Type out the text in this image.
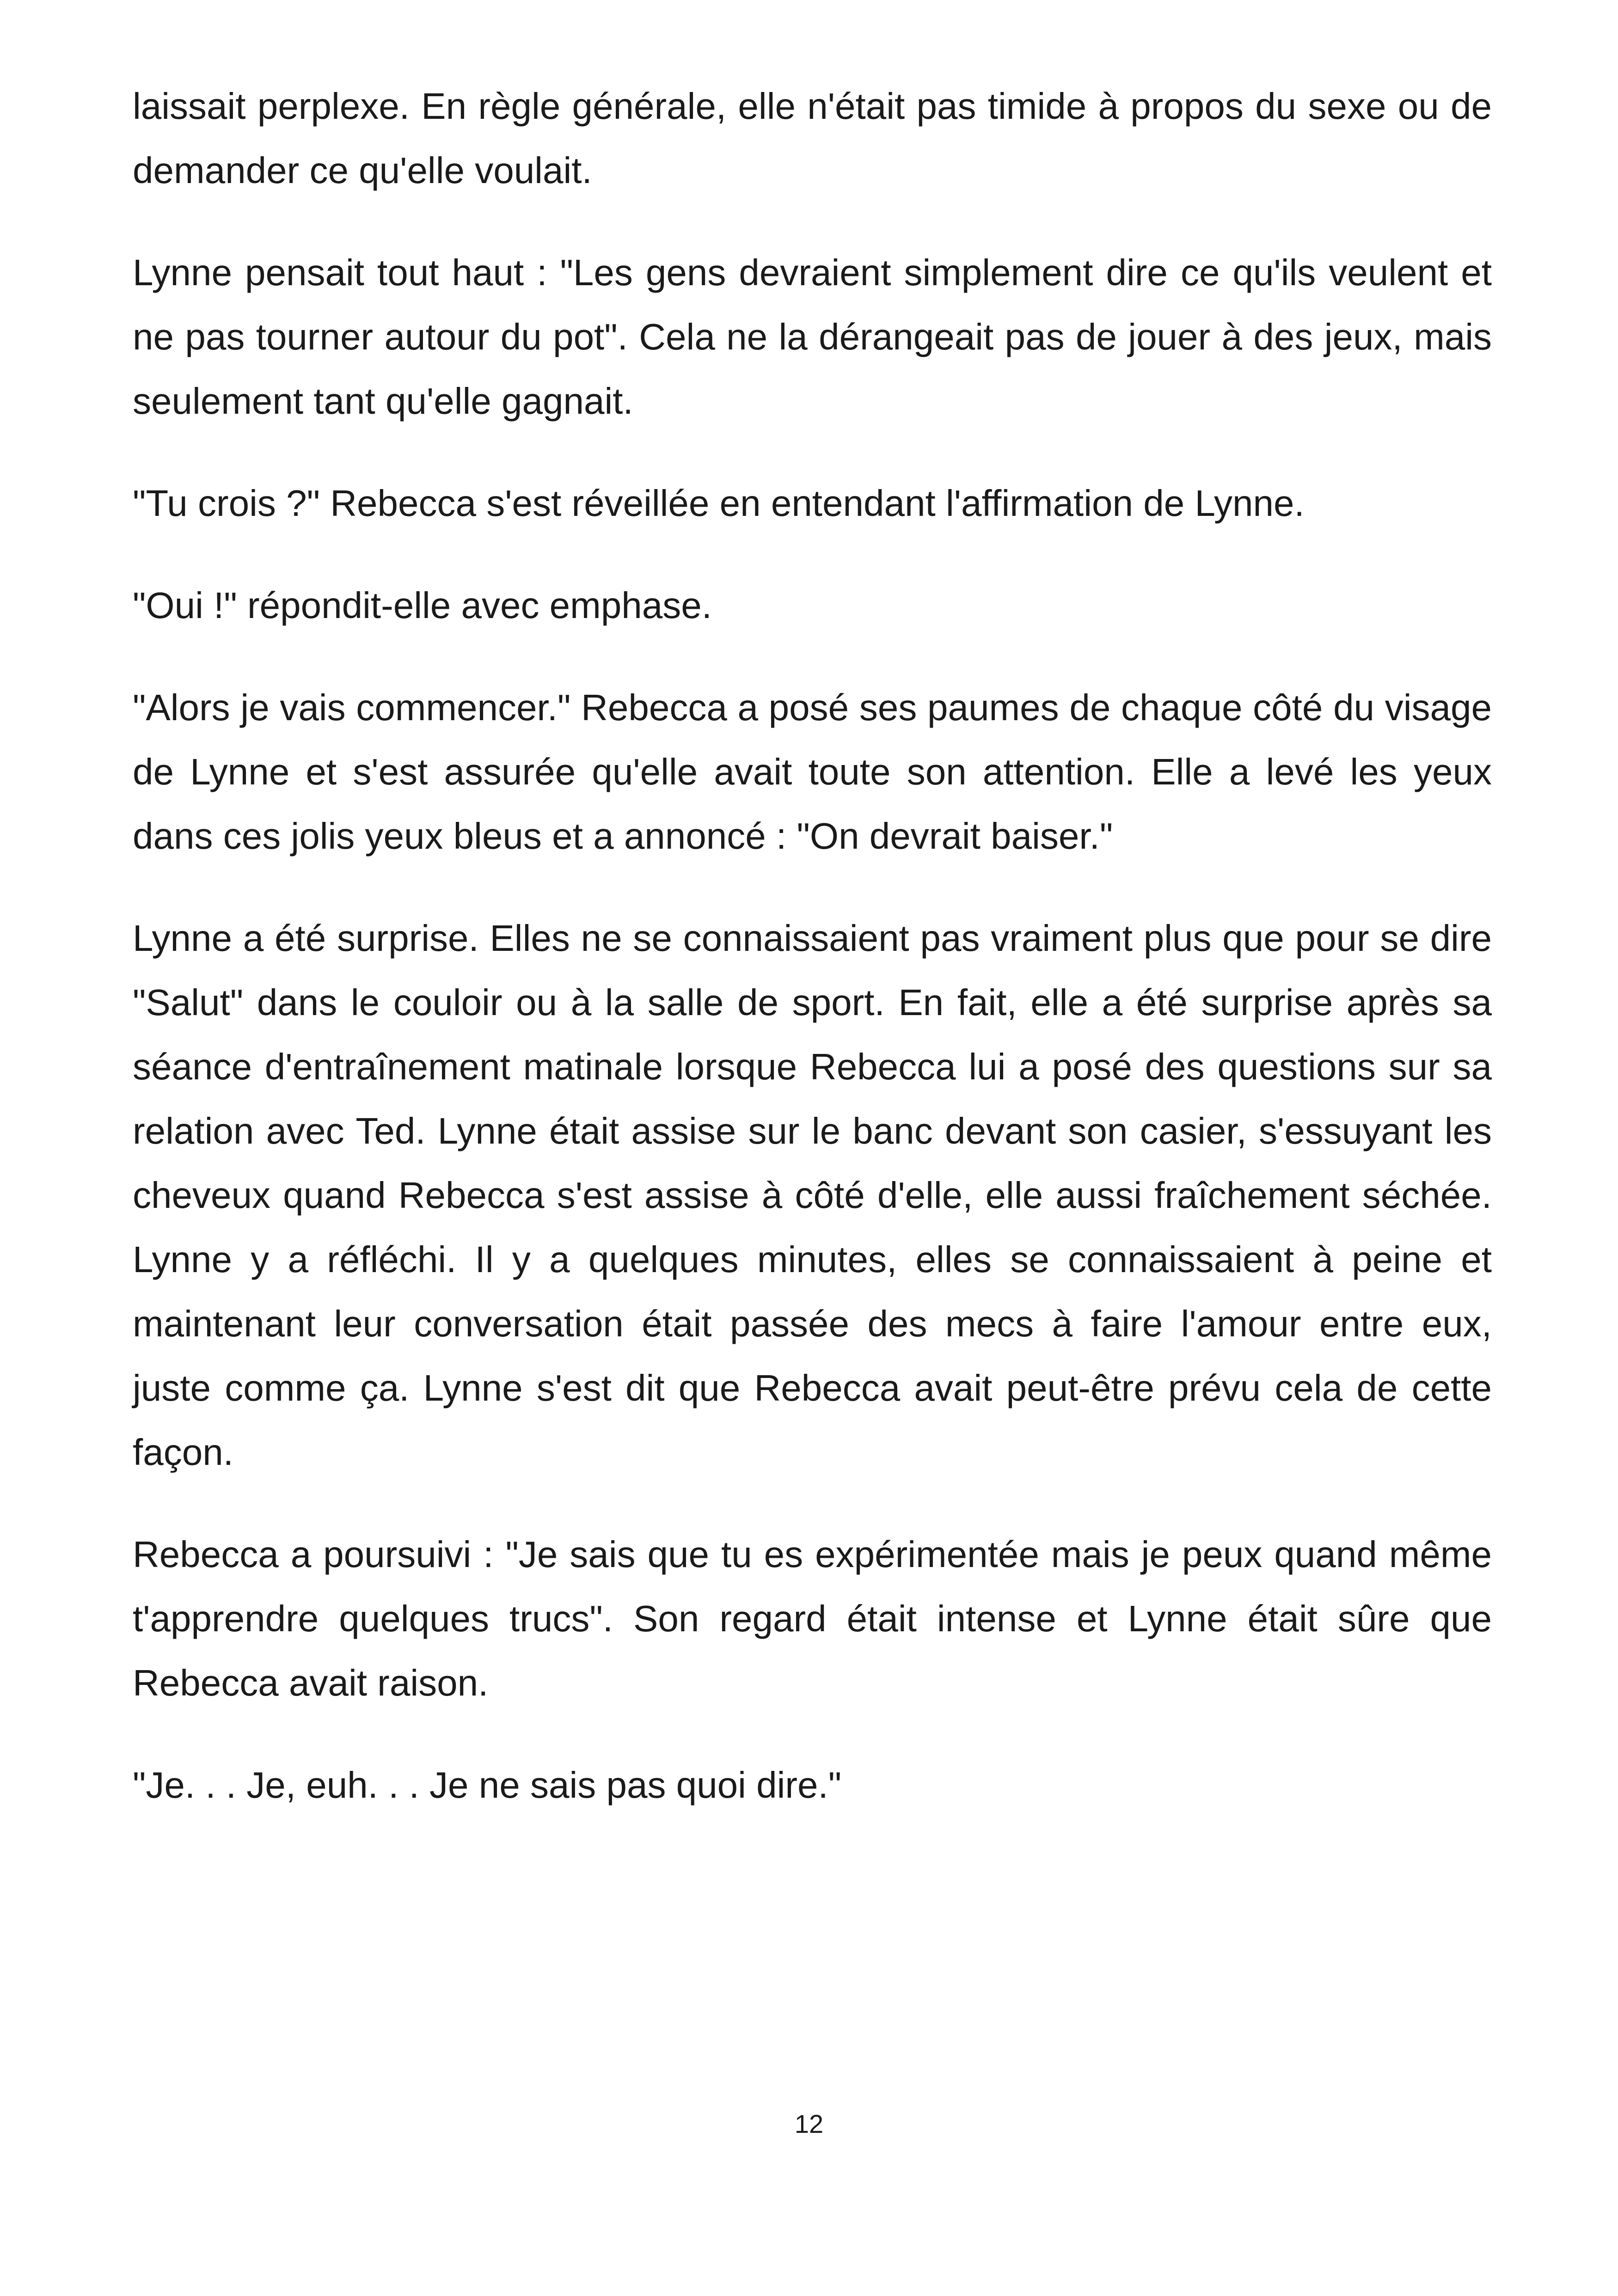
laissait perplexe. En règle générale, elle n'était pas timide à propos du sexe ou de demander ce qu'elle voulait.

Lynne pensait tout haut : "Les gens devraient simplement dire ce qu'ils veulent et ne pas tourner autour du pot". Cela ne la dérangeait pas de jouer à des jeux, mais seulement tant qu'elle gagnait.

"Tu crois ?" Rebecca s'est réveillée en entendant l'affirmation de Lynne.

"Oui !" répondit-elle avec emphase.

"Alors je vais commencer." Rebecca a posé ses paumes de chaque côté du visage de Lynne et s'est assurée qu'elle avait toute son attention. Elle a levé les yeux dans ces jolis yeux bleus et a annoncé : "On devrait baiser."

Lynne a été surprise. Elles ne se connaissaient pas vraiment plus que pour se dire "Salut" dans le couloir ou à la salle de sport. En fait, elle a été surprise après sa séance d'entraînement matinale lorsque Rebecca lui a posé des questions sur sa relation avec Ted. Lynne était assise sur le banc devant son casier, s'essuyant les cheveux quand Rebecca s'est assise à côté d'elle, elle aussi fraîchement séchée. Lynne y a réfléchi. Il y a quelques minutes, elles se connaissaient à peine et maintenant leur conversation était passée des mecs à faire l'amour entre eux, juste comme ça. Lynne s'est dit que Rebecca avait peut-être prévu cela de cette façon.

Rebecca a poursuivi : "Je sais que tu es expérimentée mais je peux quand même t'apprendre quelques trucs". Son regard était intense et Lynne était sûre que Rebecca avait raison.

"Je. . . Je, euh. . . Je ne sais pas quoi dire."

12
